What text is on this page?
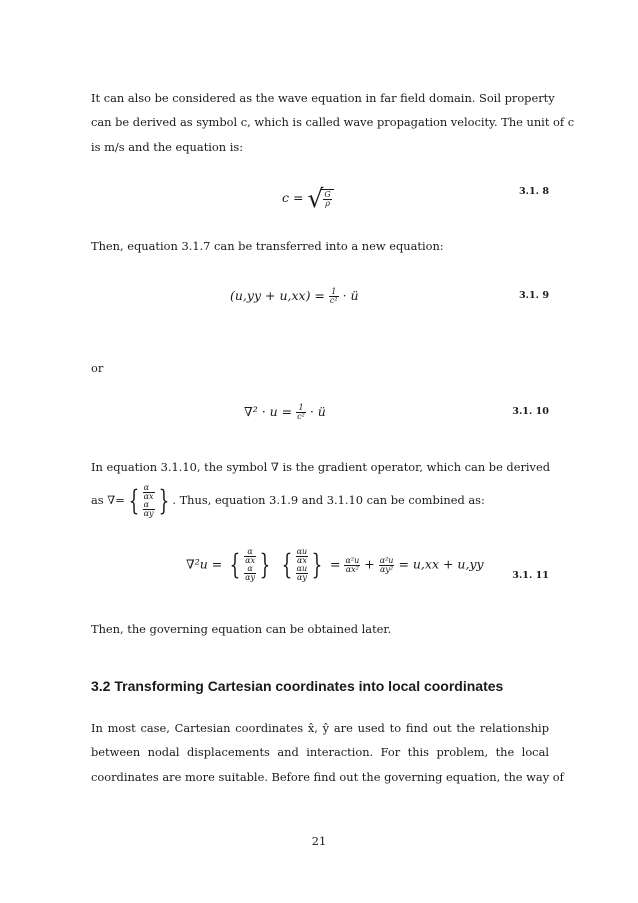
It can also be considered as the wave equation in far field domain. Soil property
can be derived as symbol c, which is called wave propagation velocity. The unit of c
is m/s and the equation is:
c = √ $\frac{G}{\rho}$	3.1. 8
Then, equation 3.1.7 can be transferred into a new equation:
$(u,yy + u,xx) = \frac{1}{\text{c²}}$ · ü	3.1. 9
or
$\nabla^2 \cdot u = \frac{1}{\text{c²}}$ · ü	3.1. 10
In equation 3.1.10, the symbol ∇ is the gradient operator, which can be derived
as ∇= { α
αx
α
αy } . Thus, equation 3.1.9 and 3.1.10 can be combined as:
∇²u = { α
αx
α
αy } { αu
αx
αu
αy } = $\frac{\text{α²u}}{\text{αx²}} + \frac{\text{α²u}}{\text{αy²}} = u,xx + u,yy$
3.1. 11
Then, the governing equation can be obtained later.
3.2 Transforming Cartesian coordinates into local coordinates
In most case, Cartesian coordinates x̂, ŷ are used to find out the relationship
between nodal displacements and interaction. For this problem, the local
coordinates are more suitable. Before find out the governing equation, the way of
21
